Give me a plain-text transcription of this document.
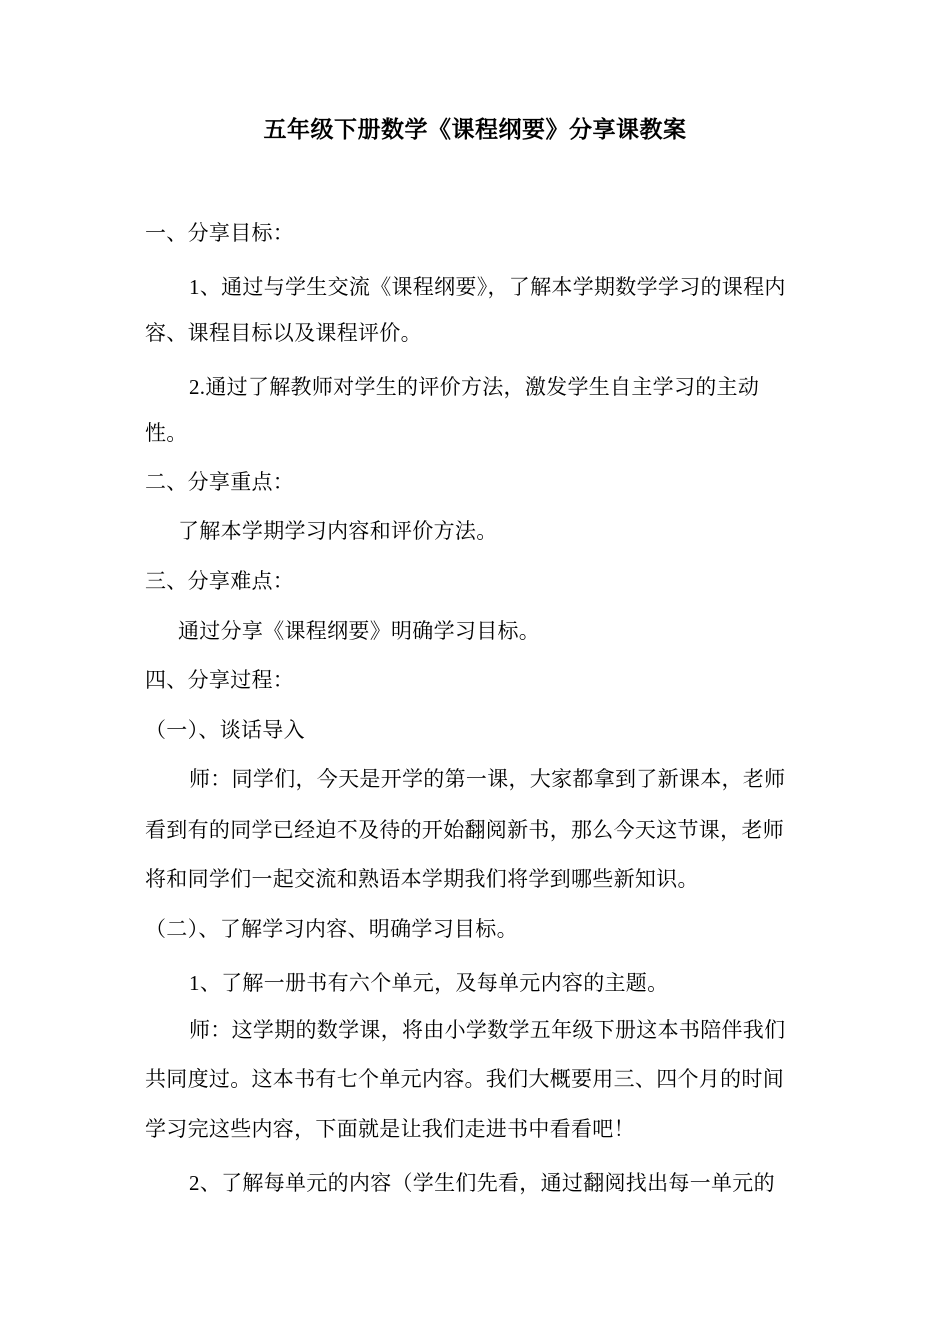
五年级下册数学《课程纲要》分享课教案
一、分享目标：
1、通过与学生交流《课程纲要》，了解本学期数学学习的课程内
容、课程目标以及课程评价。
2.通过了解教师对学生的评价方法，激发学生自主学习的主动
性。
二、分享重点：
了解本学期学习内容和评价方法。
三、分享难点：
通过分享《课程纲要》明确学习目标。
四、分享过程：
（一）、谈话导入
师：同学们，今天是开学的第一课，大家都拿到了新课本，老师
看到有的同学已经迫不及待的开始翻阅新书，那么今天这节课，老师
将和同学们一起交流和熟语本学期我们将学到哪些新知识。
（二）、了解学习内容、明确学习目标。
1、了解一册书有六个单元，及每单元内容的主题。
师：这学期的数学课，将由小学数学五年级下册这本书陪伴我们
共同度过。这本书有七个单元内容。我们大概要用三、四个月的时间
学习完这些内容，下面就是让我们走进书中看看吧！
2、了解每单元的内容（学生们先看，通过翻阅找出每一单元的
